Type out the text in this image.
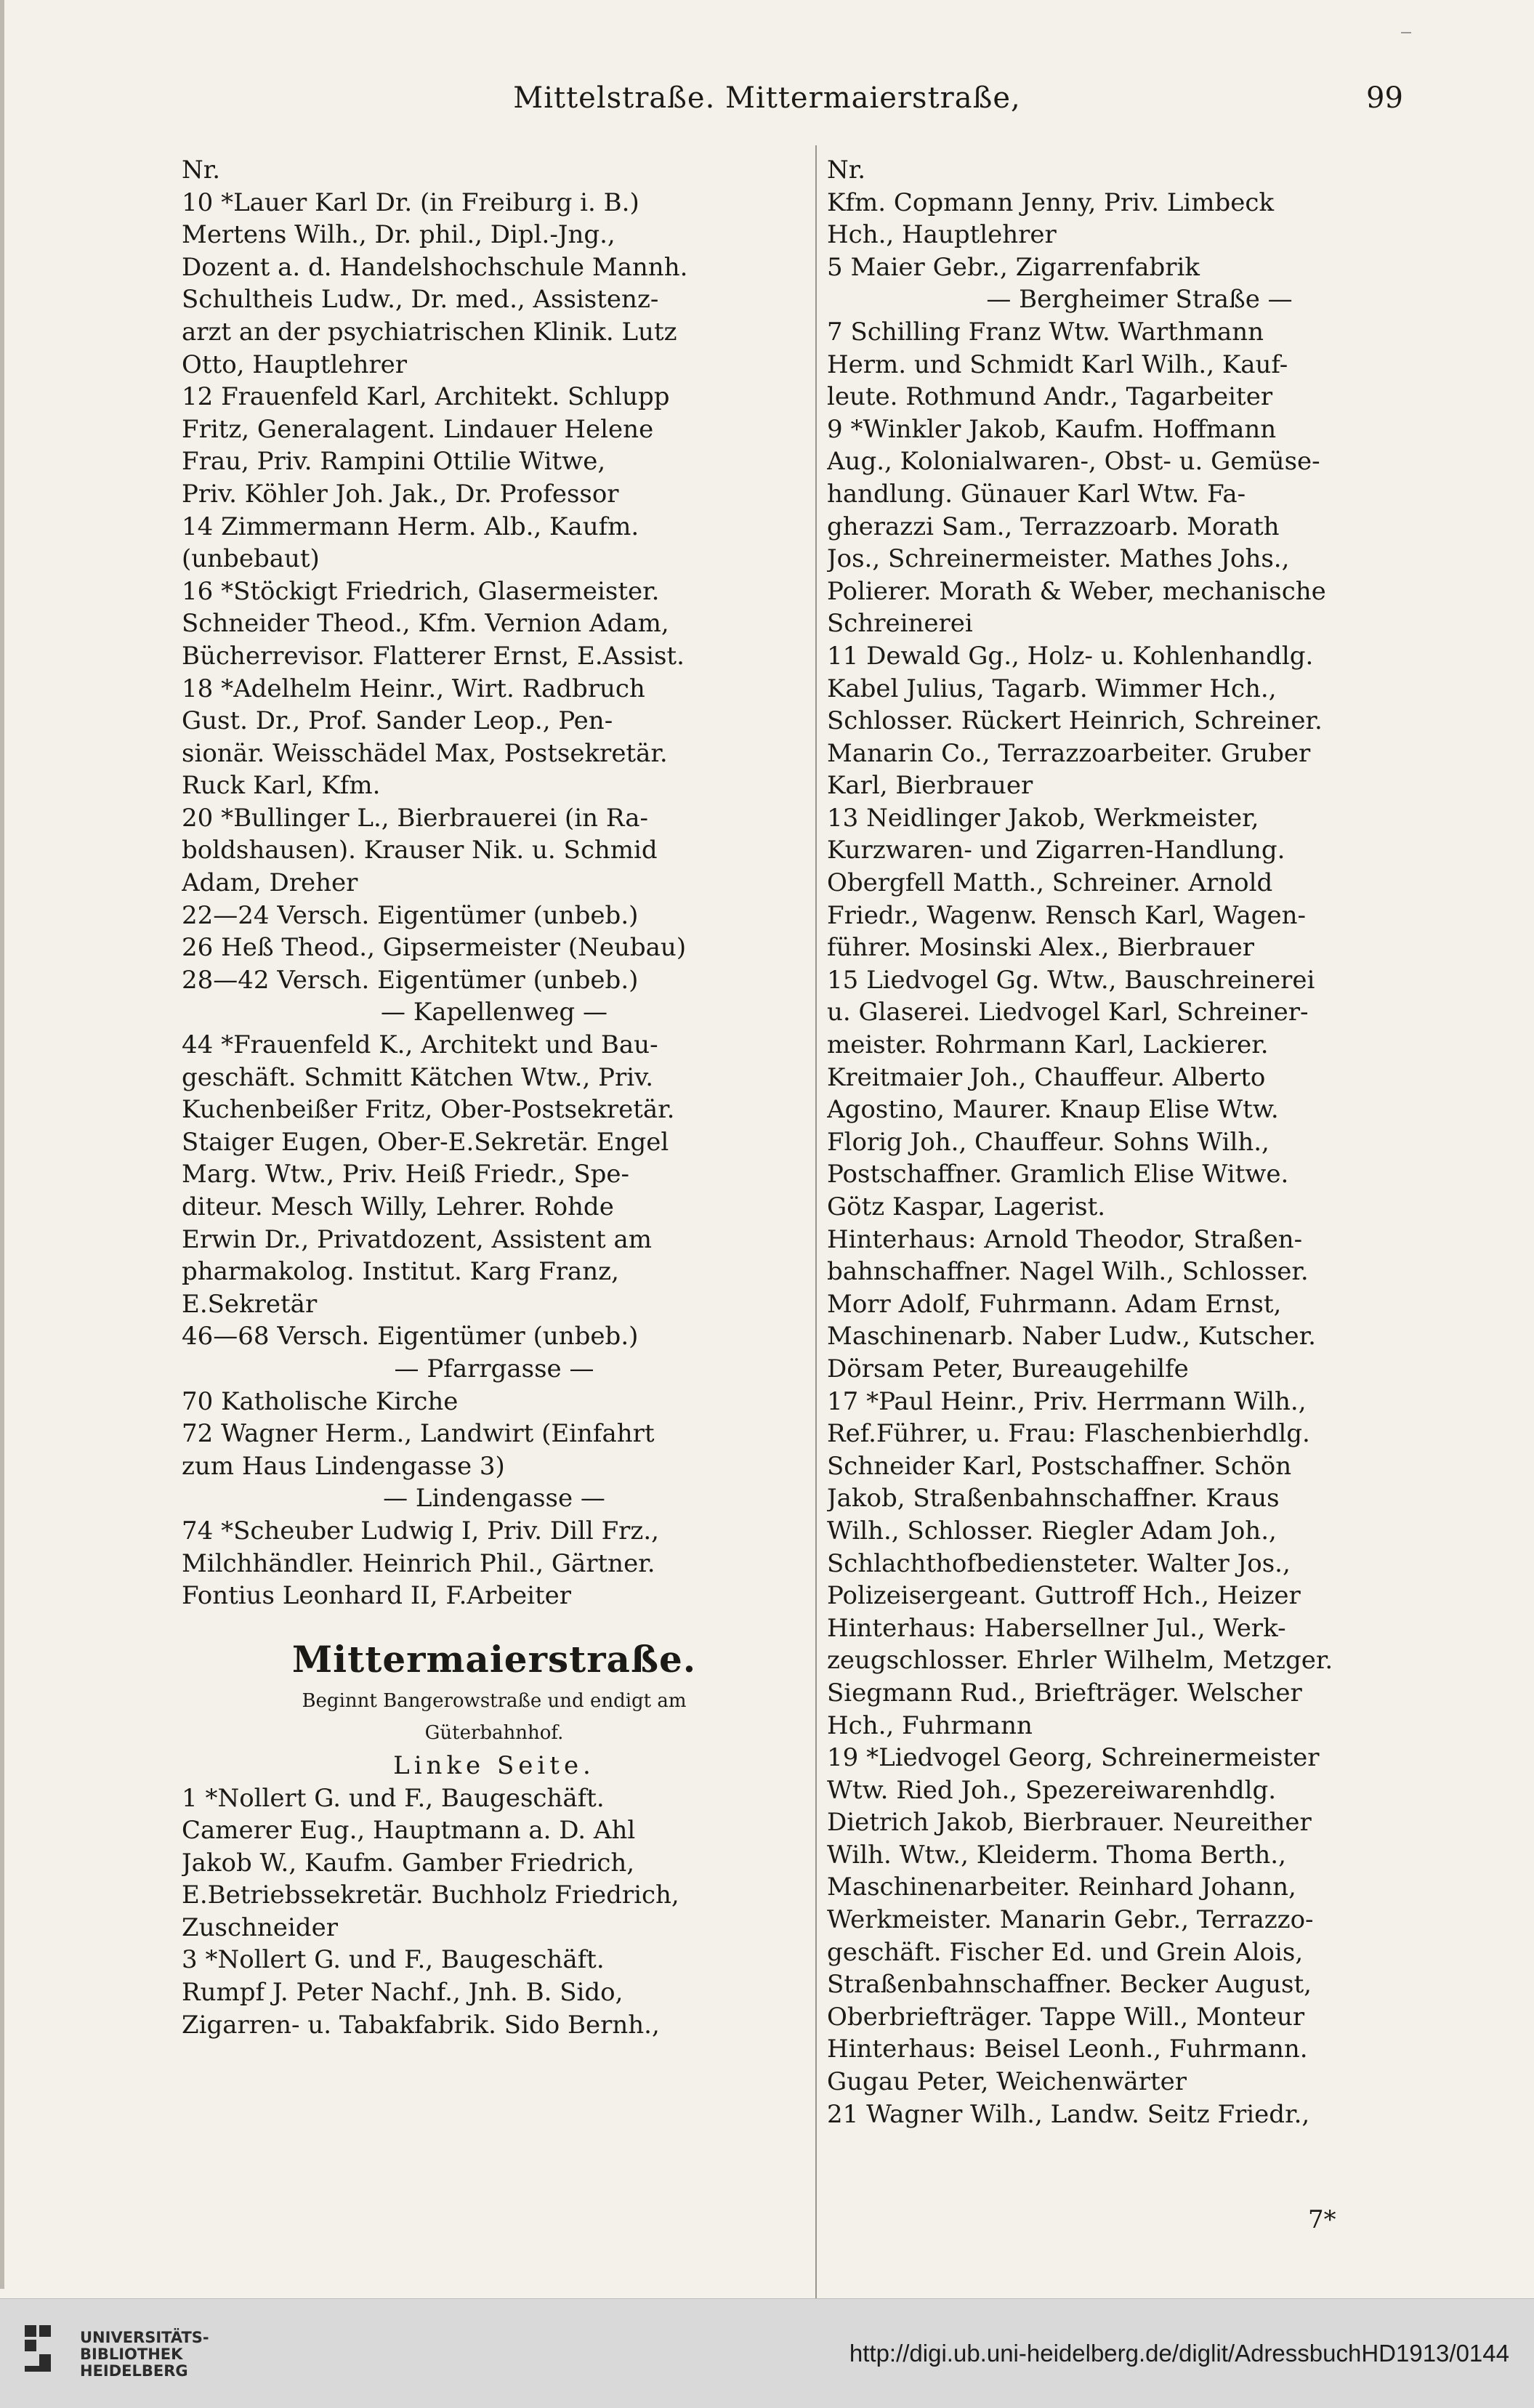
Mittelstraße. Mittermaierstraße,	99
Nr.
10 *Lauer Karl Dr. (in Freiburg i. B.)
Mertens Wilh., Dr. phil., Dipl.-Jng.,
Dozent a. d. Handelshochschule Mannh.
Schultheis Ludw., Dr. med., Assistenz-
arzt an der psychiatrischen Klinik. Lutz
Otto, Hauptlehrer
12 Frauenfeld Karl, Architekt. Schlupp
Fritz, Generalagent. Lindauer Helene
Frau, Priv. Rampini Ottilie Witwe,
Priv. Köhler Joh. Jak., Dr. Professor
14 Zimmermann Herm. Alb., Kaufm.
(unbebaut)
16 *Stöckigt Friedrich, Glasermeister.
Schneider Theod., Kfm. Vernion Adam,
Bücherrevisor. Flatterer Ernst, E.Assist.
18 *Adelhelm Heinr., Wirt. Radbruch
Gust. Dr., Prof. Sander Leop., Pen-
sionär. Weisschädel Max, Postsekretär.
Ruck Karl, Kfm.
20 *Bullinger L., Bierbrauerei (in Ra-
boldshausen). Krauser Nik. u. Schmid
Adam, Dreher
22—24 Versch. Eigentümer (unbeb.)
26 Heß Theod., Gipsermeister (Neubau)
28—42 Versch. Eigentümer (unbeb.)
— Kapellenweg —
44 *Frauenfeld K., Architekt und Bau-
geschäft. Schmitt Kätchen Wtw., Priv.
Kuchenbeißer Fritz, Ober-Postsekretär.
Staiger Eugen, Ober-E.Sekretär. Engel
Marg. Wtw., Priv. Heiß Friedr., Spe-
diteur. Mesch Willy, Lehrer. Rohde
Erwin Dr., Privatdozent, Assistent am
pharmakolog. Institut. Karg Franz,
E.Sekretär
46—68 Versch. Eigentümer (unbeb.)
— Pfarrgasse —
70 Katholische Kirche
72 Wagner Herm., Landwirt (Einfahrt
zum Haus Lindengasse 3)
— Lindengasse —
74 *Scheuber Ludwig I, Priv. Dill Frz.,
Milchhändler. Heinrich Phil., Gärtner.
Fontius Leonhard II, F.Arbeiter
Mittermaierstraße.
Beginnt Bangerowstraße und endigt am
Güterbahnhof.
Linke Seite.
1 *Nollert G. und F., Baugeschäft.
Camerer Eug., Hauptmann a. D. Ahl
Jakob W., Kaufm. Gamber Friedrich,
E.Betriebssekretär. Buchholz Friedrich,
Zuschneider
3 *Nollert G. und F., Baugeschäft.
Rumpf J. Peter Nachf., Jnh. B. Sido,
Zigarren- u. Tabakfabrik. Sido Bernh.,
Nr.
Kfm. Copmann Jenny, Priv. Limbeck
Hch., Hauptlehrer
5 Maier Gebr., Zigarrenfabrik
— Bergheimer Straße —
7 Schilling Franz Wtw. Warthmann
Herm. und Schmidt Karl Wilh., Kauf-
leute. Rothmund Andr., Tagarbeiter
9 *Winkler Jakob, Kaufm. Hoffmann
Aug., Kolonialwaren-, Obst- u. Gemüse-
handlung. Günauer Karl Wtw. Fa-
gherazzi Sam., Terrazzoarb. Morath
Jos., Schreinermeister. Mathes Johs.,
Polierer. Morath & Weber, mechanische
Schreinerei
11 Dewald Gg., Holz- u. Kohlenhandlg.
Kabel Julius, Tagarb. Wimmer Hch.,
Schlosser. Rückert Heinrich, Schreiner.
Manarin Co., Terrazzoarbeiter. Gruber
Karl, Bierbrauer
13 Neidlinger Jakob, Werkmeister,
Kurzwaren- und Zigarren-Handlung.
Obergfell Matth., Schreiner. Arnold
Friedr., Wagenw. Rensch Karl, Wagen-
führer. Mosinski Alex., Bierbrauer
15 Liedvogel Gg. Wtw., Bauschreinerei
u. Glaserei. Liedvogel Karl, Schreiner-
meister. Rohrmann Karl, Lackierer.
Kreitmaier Joh., Chauffeur. Alberto
Agostino, Maurer. Knaup Elise Wtw.
Florig Joh., Chauffeur. Sohns Wilh.,
Postschaffner. Gramlich Elise Witwe.
Götz Kaspar, Lagerist.
Hinterhaus: Arnold Theodor, Straßen-
bahnschaffner. Nagel Wilh., Schlosser.
Morr Adolf, Fuhrmann. Adam Ernst,
Maschinenarb. Naber Ludw., Kutscher.
Dörsam Peter, Bureaugehilfe
17 *Paul Heinr., Priv. Herrmann Wilh.,
Ref.Führer, u. Frau: Flaschenbierhdlg.
Schneider Karl, Postschaffner. Schön
Jakob, Straßenbahnschaffner. Kraus
Wilh., Schlosser. Riegler Adam Joh.,
Schlachthofbediensteter. Walter Jos.,
Polizeisergeant. Guttroff Hch., Heizer
Hinterhaus: Habersellner Jul., Werk-
zeugschlosser. Ehrler Wilhelm, Metzger.
Siegmann Rud., Briefträger. Welscher
Hch., Fuhrmann
19 *Liedvogel Georg, Schreinermeister
Wtw. Ried Joh., Spezereiwarenhdlg.
Dietrich Jakob, Bierbrauer. Neureither
Wilh. Wtw., Kleiderm. Thoma Berth.,
Maschinenarbeiter. Reinhard Johann,
Werkmeister. Manarin Gebr., Terrazzo-
geschäft. Fischer Ed. und Grein Alois,
Straßenbahnschaffner. Becker August,
Oberbriefträger. Tappe Will., Monteur
Hinterhaus: Beisel Leonh., Fuhrmann.
Gugau Peter, Weichenwärter
21 Wagner Wilh., Landw. Seitz Friedr.,
7*
UNIVERSITÄTS-
BIBLIOTHEK
HEIDELBERG
http://digi.ub.uni-heidelberg.de/diglit/AdressbuchHD1913/0144
